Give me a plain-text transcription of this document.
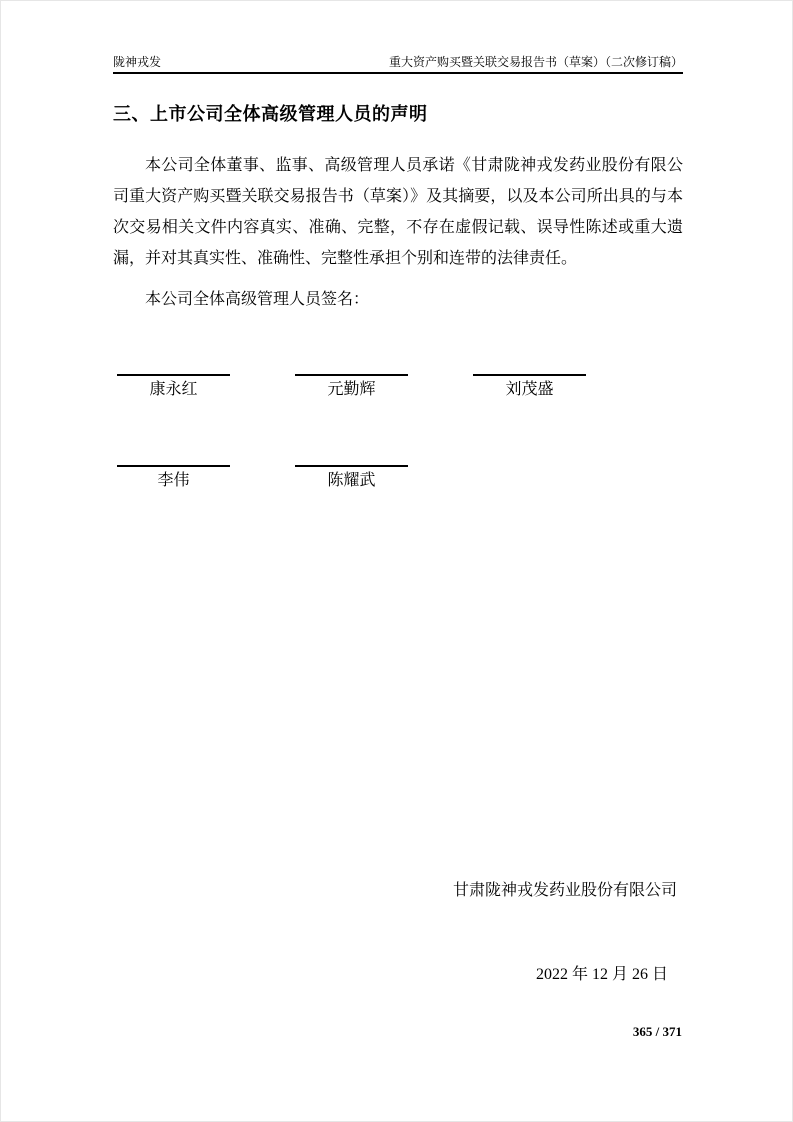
陇神戎发	重大资产购买暨关联交易报告书（草案）（二次修订稿）
三、上市公司全体高级管理人员的声明
本公司全体董事、监事、高级管理人员承诺《甘肃陇神戎发药业股份有限公司重大资产购买暨关联交易报告书（草案）》及其摘要，以及本公司所出具的与本次交易相关文件内容真实、准确、完整，不存在虚假记载、误导性陈述或重大遗漏，并对其真实性、准确性、完整性承担个别和连带的法律责任。
本公司全体高级管理人员签名：
康永红	元勤辉	刘茂盛
李伟	陈耀武
甘肃陇神戎发药业股份有限公司
2022 年 12 月 26 日
365 / 371
